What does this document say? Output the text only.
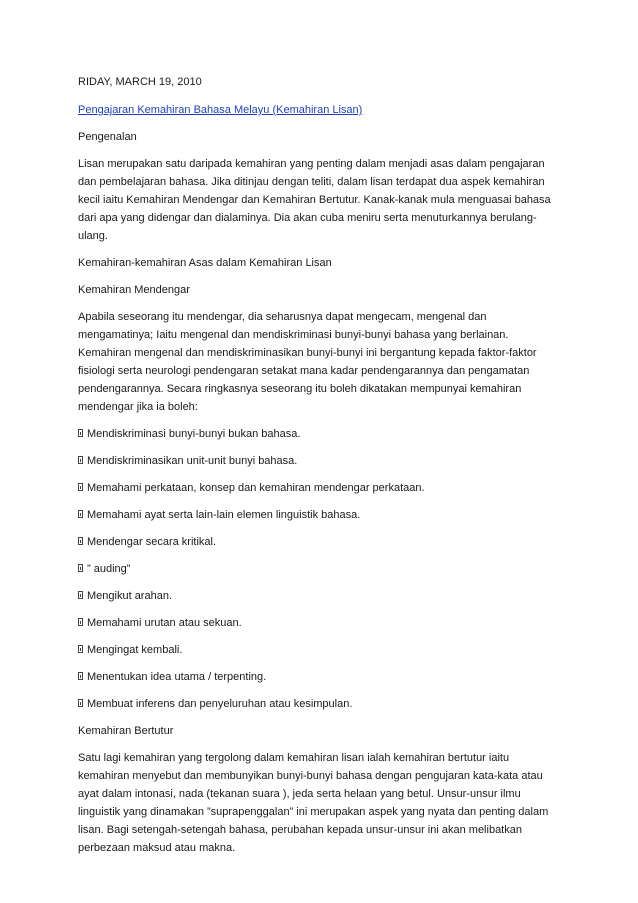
RIDAY, MARCH 19, 2010
Pengajaran Kemahiran Bahasa Melayu (Kemahiran Lisan)
Pengenalan
Lisan merupakan satu daripada kemahiran yang penting dalam menjadi asas dalam pengajaran dan pembelajaran bahasa. Jika ditinjau dengan teliti, dalam lisan terdapat dua aspek kemahiran kecil iaitu Kemahiran Mendengar dan Kemahiran Bertutur. Kanak-kanak mula menguasai bahasa dari apa yang didengar dan dialaminya. Dia akan cuba meniru serta menuturkannya berulang-ulang.
Kemahiran-kemahiran Asas dalam Kemahiran Lisan
Kemahiran Mendengar
Apabila seseorang itu mendengar, dia seharusnya dapat mengecam, mengenal dan mengamatinya; Iaitu mengenal dan mendiskriminasi bunyi-bunyi bahasa yang berlainan. Kemahiran mengenal dan mendiskriminasikan bunyi-bunyi ini bergantung kepada faktor-faktor fisiologi serta neurologi pendengaran setakat mana kadar pendengarannya dan pengamatan pendengarannya. Secara ringkasnya seseorang itu boleh dikatakan mempunyai kemahiran mendengar jika ia boleh:
Mendiskriminasi bunyi-bunyi bukan bahasa.
Mendiskriminasikan unit-unit bunyi bahasa.
Memahami perkataan, konsep dan kemahiran mendengar perkataan.
Memahami ayat serta lain-lain elemen linguistik bahasa.
Mendengar secara kritikal.
” auding”
Mengikut arahan.
Memahami urutan atau sekuan.
Mengingat kembali.
Menentukan idea utama / terpenting.
Membuat inferens dan penyeluruhan atau kesimpulan.
Kemahiran Bertutur
Satu lagi kemahiran yang tergolong dalam kemahiran lisan ialah kemahiran bertutur iaitu kemahiran menyebut dan membunyikan bunyi-bunyi bahasa dengan pengujaran kata-kata atau ayat dalam intonasi, nada (tekanan suara ), jeda serta helaan yang betul. Unsur-unsur ilmu linguistik yang dinamakan ”suprapenggalan” ini merupakan aspek yang nyata dan penting dalam lisan. Bagi setengah-setengah bahasa, perubahan kepada unsur-unsur ini akan melibatkan perbezaan maksud atau makna.
